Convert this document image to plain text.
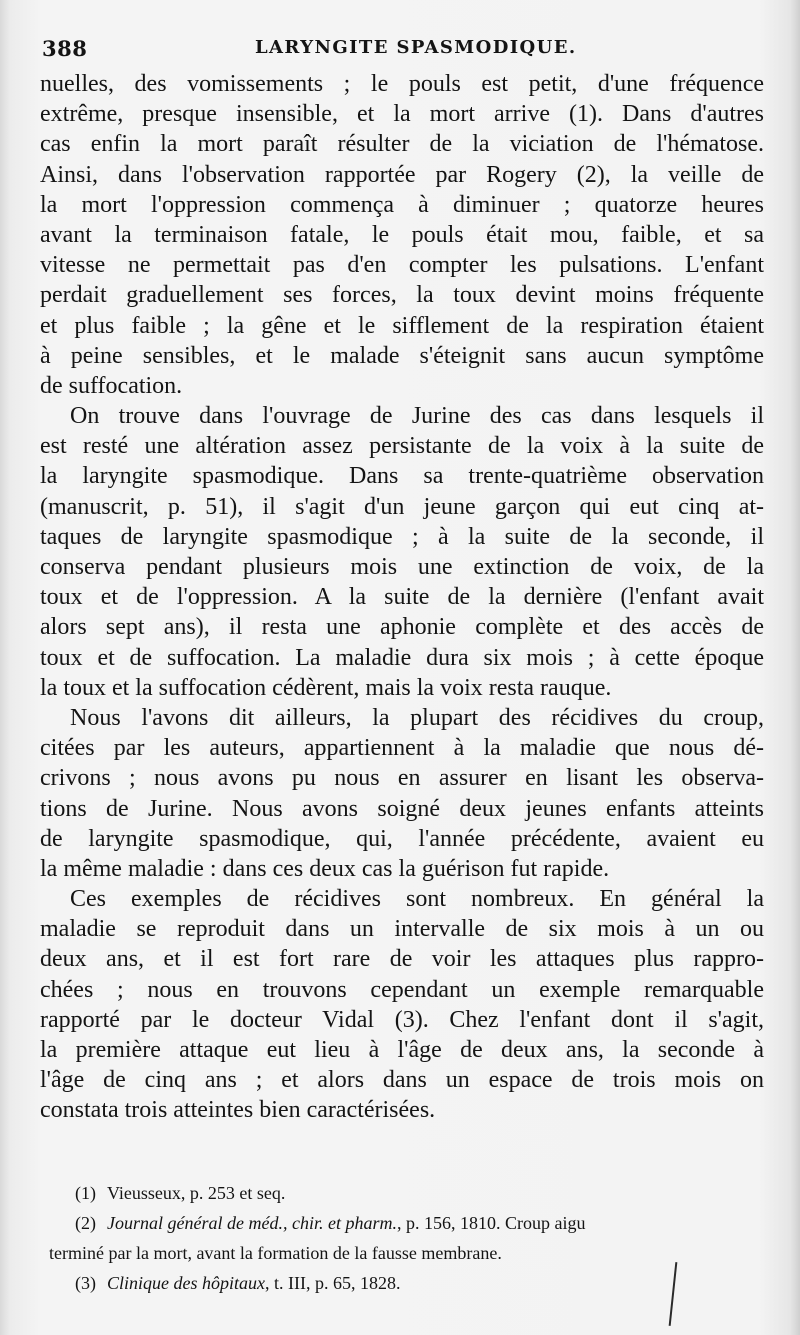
388	LARYNGITE SPASMODIQUE.
nuelles, des vomissements ; le pouls est petit, d'une fréquence
extrême, presque insensible, et la mort arrive (1). Dans d'autres
cas enfin la mort paraît résulter de la viciation de l'hématose.
Ainsi, dans l'observation rapportée par Rogery (2), la veille de
la mort l'oppression commença à diminuer ; quatorze heures
avant la terminaison fatale, le pouls était mou, faible, et sa
vitesse ne permettait pas d'en compter les pulsations. L'enfant
perdait graduellement ses forces, la toux devint moins fréquente
et plus faible ; la gêne et le sifflement de la respiration étaient
à peine sensibles, et le malade s'éteignit sans aucun symptôme
de suffocation.
On trouve dans l'ouvrage de Jurine des cas dans lesquels il
est resté une altération assez persistante de la voix à la suite de
la laryngite spasmodique. Dans sa trente-quatrième observation
(manuscrit, p. 51), il s'agit d'un jeune garçon qui eut cinq at-
taques de laryngite spasmodique ; à la suite de la seconde, il
conserva pendant plusieurs mois une extinction de voix, de la
toux et de l'oppression. A la suite de la dernière (l'enfant avait
alors sept ans), il resta une aphonie complète et des accès de
toux et de suffocation. La maladie dura six mois ; à cette époque
la toux et la suffocation cédèrent, mais la voix resta rauque.
Nous l'avons dit ailleurs, la plupart des récidives du croup,
citées par les auteurs, appartiennent à la maladie que nous dé-
crivons ; nous avons pu nous en assurer en lisant les observa-
tions de Jurine. Nous avons soigné deux jeunes enfants atteints
de laryngite spasmodique, qui, l'année précédente, avaient eu
la même maladie : dans ces deux cas la guérison fut rapide.
Ces exemples de récidives sont nombreux. En général la
maladie se reproduit dans un intervalle de six mois à un ou
deux ans, et il est fort rare de voir les attaques plus rappro-
chées ; nous en trouvons cependant un exemple remarquable
rapporté par le docteur Vidal (3). Chez l'enfant dont il s'agit,
la première attaque eut lieu à l'âge de deux ans, la seconde à
l'âge de cinq ans ; et alors dans un espace de trois mois on
constata trois atteintes bien caractérisées.
(1) Vieusseux, p. 253 et seq.
(2) Journal général de méd., chir. et pharm., p. 156, 1810. Croup aigu
terminé par la mort, avant la formation de la fausse membrane.
(3) Clinique des hôpitaux, t. III, p. 65, 1828.
